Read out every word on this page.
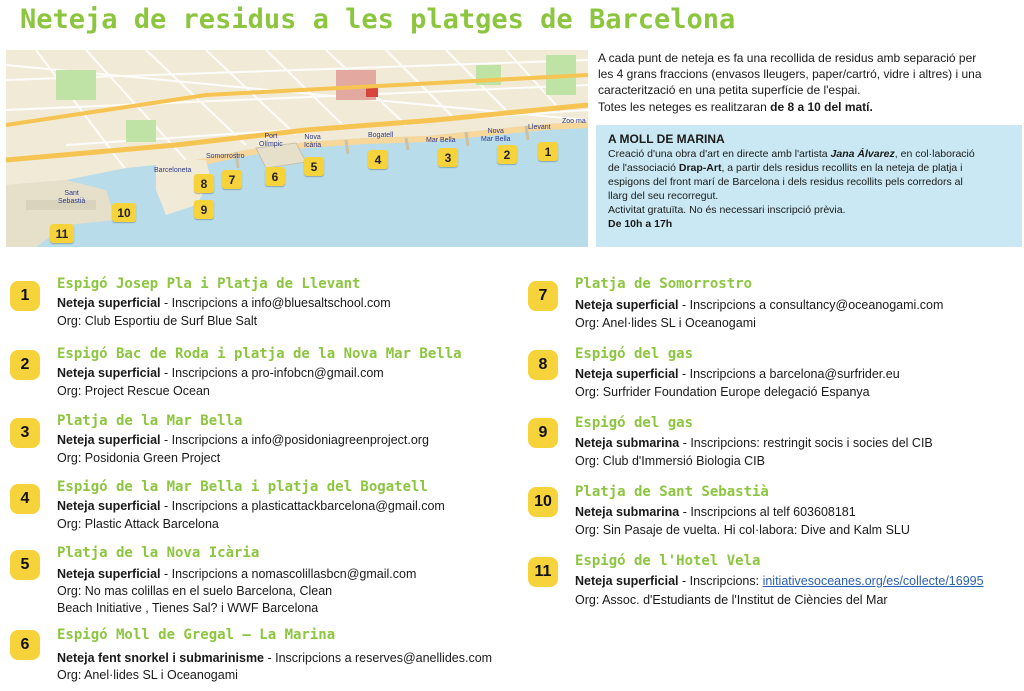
Neteja de residus a les platges de Barcelona
Zoo ma
Llevant
Nova
Mar Bella
Mar Bella
Bogatell
Nova
Icària
Port
Olímpic
Somorrostro
Barceloneta
Sant
Sebastià
1
2
3
4
5
6
7
8
9
10
11
A cada punt de neteja es fa una recollida de residus amb separació per
les 4 grans fraccions (envasos lleugers, paper/cartró, vidre i altres) i una
caracterització en una petita superfície de l'espai.
Totes les neteges es realitzaran de 8 a 10 del matí.
A MOLL DE MARINA

Creació d'una obra d'art en directe amb l'artista Jana Álvarez, en col·laboració

de l'associació Drap-Art, a partir dels residus recollits en la neteja de platja i

espigons del front marí de Barcelona i dels residus recollits pels corredors al

llarg del seu recorregut.

Activitat gratuïta. No és necessari inscripció prèvia.

De 10h a 17h

1
Espigó Josep Pla i Platja de Llevant
Neteja superficial - Inscripcions a info@bluesaltschool.com
Org: Club Esportiu de Surf Blue Salt
2
Espigó Bac de Roda i platja de la Nova Mar Bella
Neteja superficial - Inscripcions a pro-infobcn@gmail.com
Org: Project Rescue Ocean
3
Platja de la Mar Bella
Neteja superficial - Inscripcions a info@posidoniagreenproject.org
Org: Posidonia Green Project
4
Espigó de la Mar Bella i platja del Bogatell
Neteja superficial - Inscripcions a plasticattackbarcelona@gmail.com
Org: Plastic Attack Barcelona
5
Platja de la Nova Icària
Neteja superficial - Inscripcions a nomascolillasbcn@gmail.com
Org: No mas colillas en el suelo Barcelona, Clean
Beach Initiative , Tienes Sal? i WWF Barcelona
6
Espigó Moll de Gregal – La Marina
Neteja fent snorkel i submarinisme - Inscripcions a reserves@anellides.com
Org: Anel·lides SL i Oceanogami
7
Platja de Somorrostro
Neteja superficial - Inscripcions a consultancy@oceanogami.com
Org: Anel·lides SL i Oceanogami
8
Espigó del gas
Neteja superficial - Inscripcions a barcelona@surfrider.eu
Org: Surfrider Foundation Europe delegació Espanya
9
Espigó del gas
Neteja submarina - Inscripcions: restringit socis i socies del CIB
Org: Club d'Immersió Biologia CIB
10
Platja de Sant Sebastià
Neteja submarina - Inscripcions al telf 603608181
Org: Sin Pasaje de vuelta. Hi col·labora: Dive and Kalm SLU
11
Espigó de l'Hotel Vela
Neteja superficial - Inscripcions: initiativesoceanes.org/es/collecte/16995
Org: Assoc. d'Estudiants de l'Institut de Ciències del Mar
